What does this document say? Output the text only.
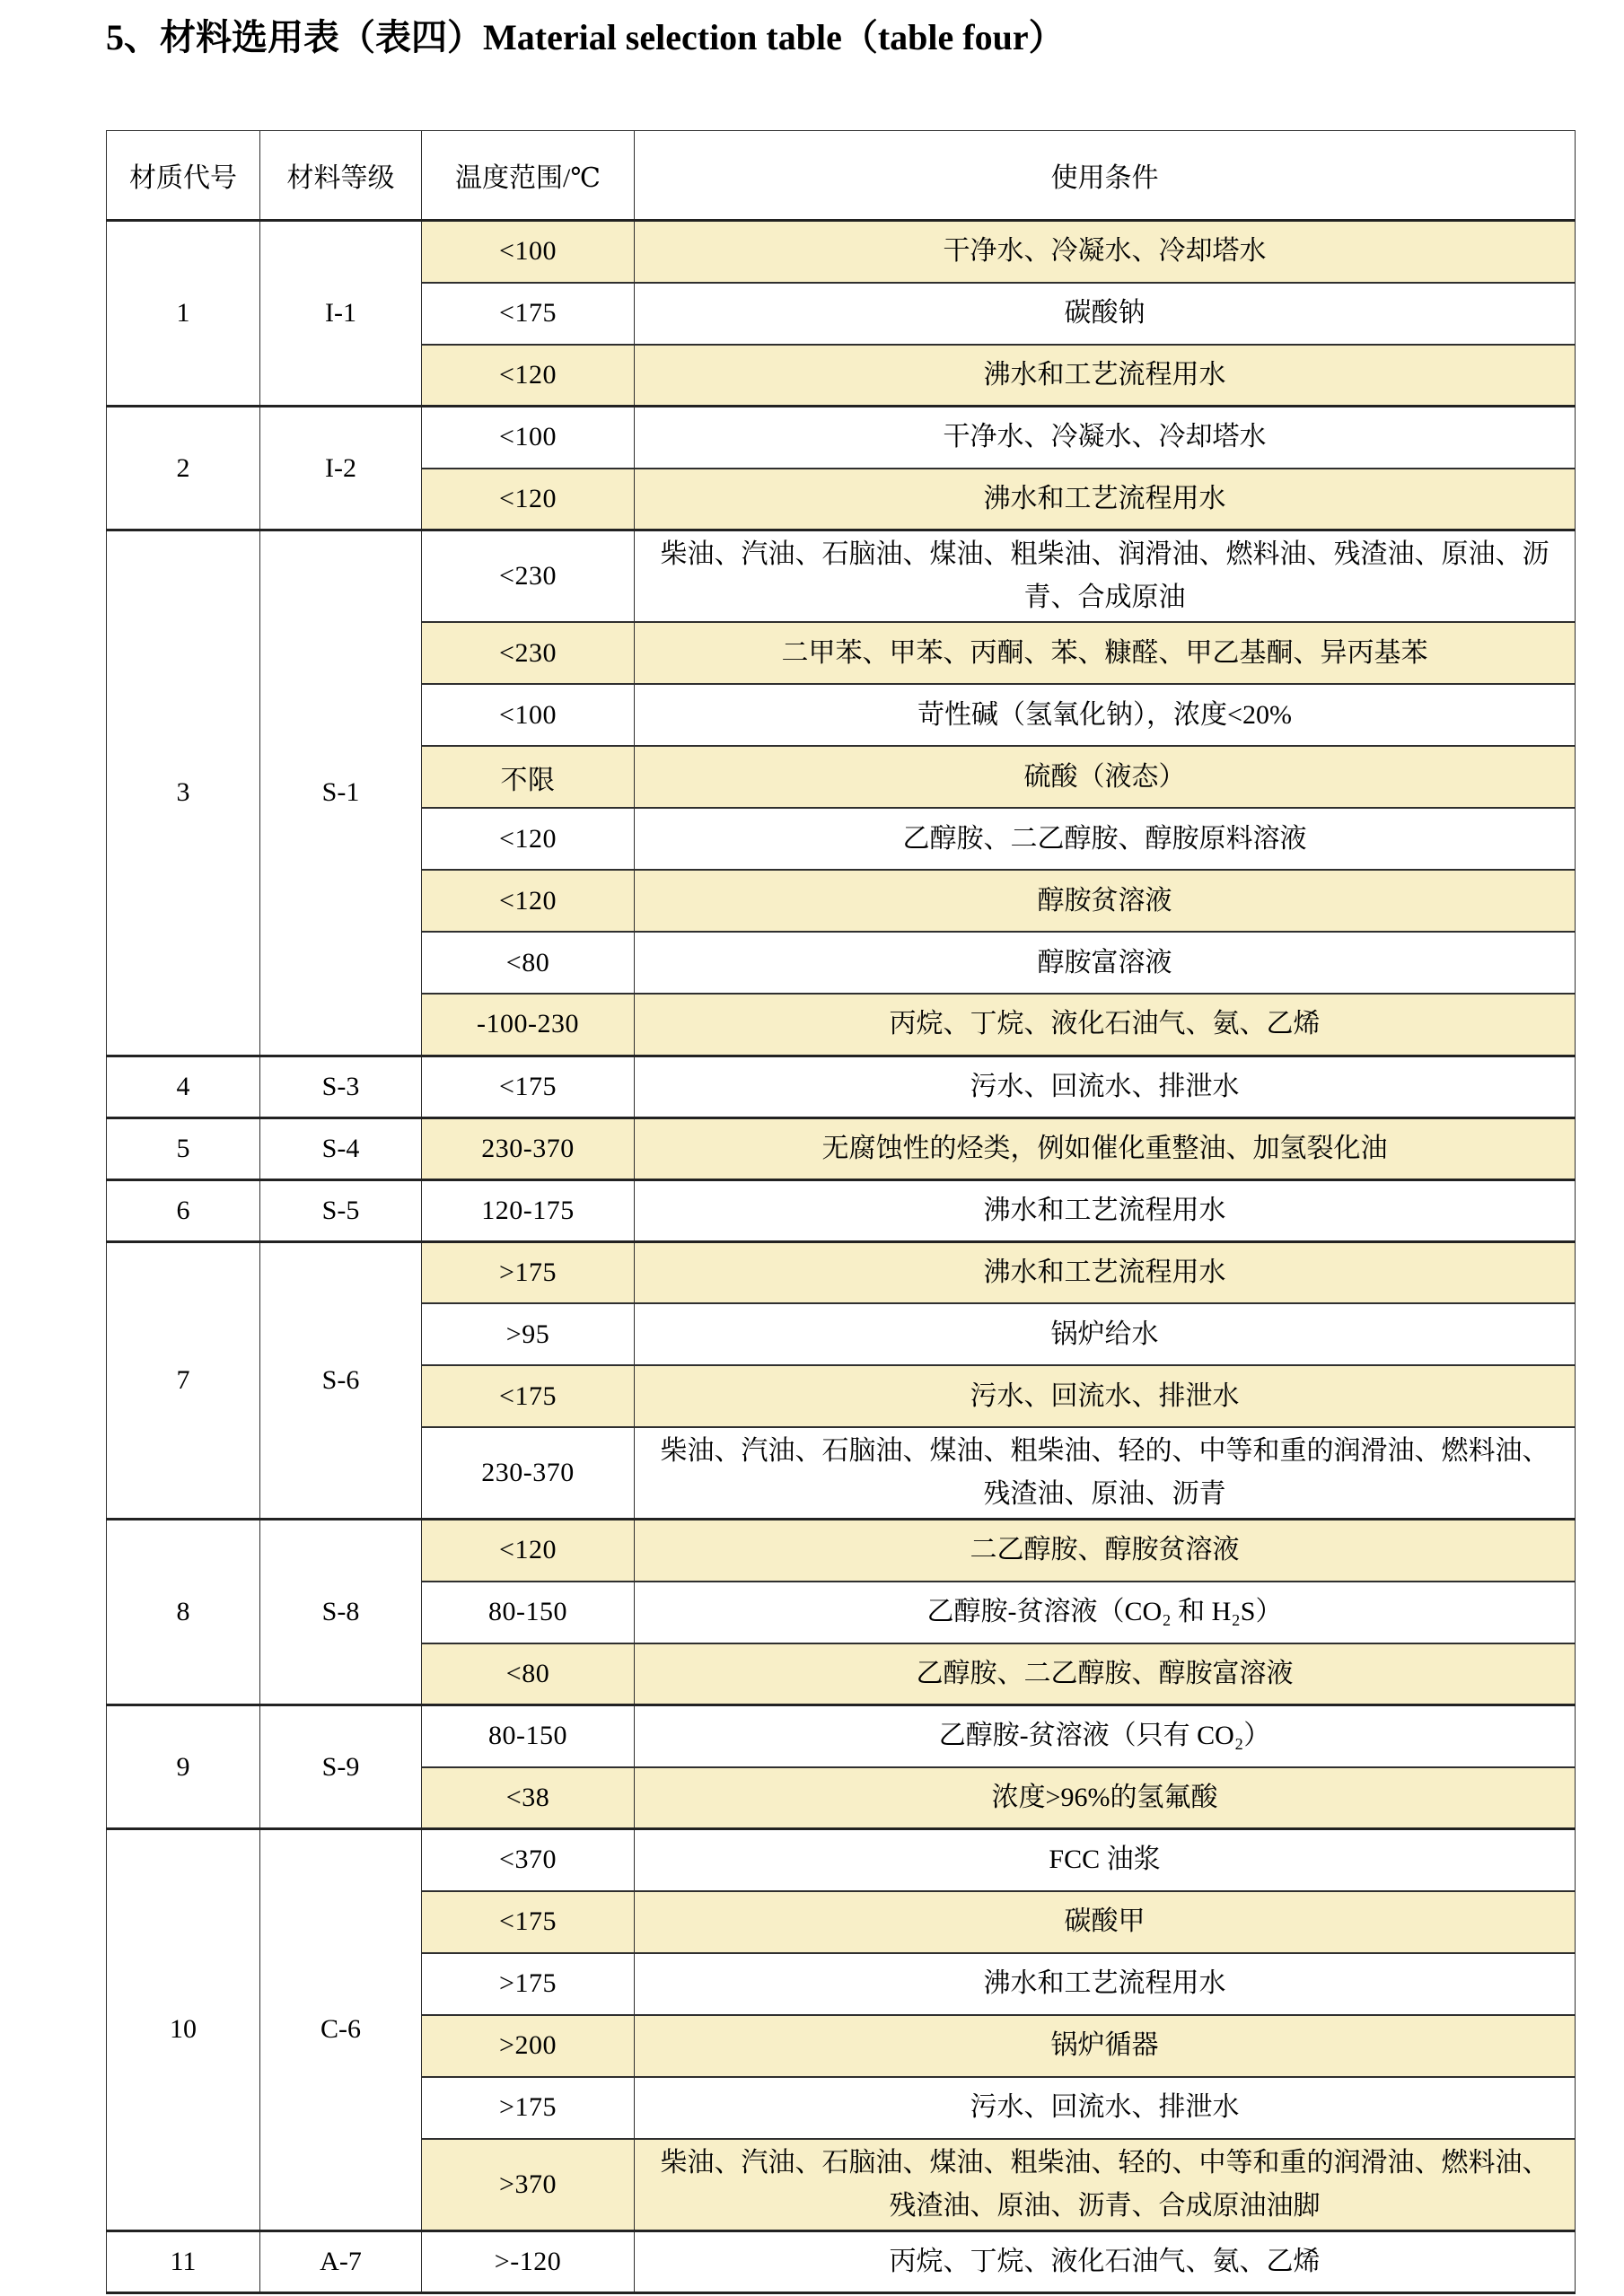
5、材料选用表（表四）Material selection table（table four）
材质代号	材料等级	温度范围/℃	使用条件
1	I-1	<100	干净水、冷凝水、冷却塔水
		<175	碳酸钠
		<120	沸水和工艺流程用水
2	I-2	<100	干净水、冷凝水、冷却塔水
		<120	沸水和工艺流程用水
3	S-1	<230	柴油、汽油、石脑油、煤油、粗柴油、润滑油、燃料油、残渣油、原油、沥青、合成原油
		<230	二甲苯、甲苯、丙酮、苯、糠醛、甲乙基酮、异丙基苯
		<100	苛性碱（氢氧化钠），浓度<20%
		不限	硫酸（液态）
		<120	乙醇胺、二乙醇胺、醇胺原料溶液
		<120	醇胺贫溶液
		<80	醇胺富溶液
		-100-230	丙烷、丁烷、液化石油气、氨、乙烯
4	S-3	<175	污水、回流水、排泄水
5	S-4	230-370	无腐蚀性的烃类，例如催化重整油、加氢裂化油
6	S-5	120-175	沸水和工艺流程用水
7	S-6	>175	沸水和工艺流程用水
		>95	锅炉给水
		<175	污水、回流水、排泄水
		230-370	柴油、汽油、石脑油、煤油、粗柴油、轻的、中等和重的润滑油、燃料油、残渣油、原油、沥青
8	S-8	<120	二乙醇胺、醇胺贫溶液
		80-150	乙醇胺-贫溶液（CO₂ 和 H₂S）
		<80	乙醇胺、二乙醇胺、醇胺富溶液
9	S-9	80-150	乙醇胺-贫溶液（只有 CO₂）
		<38	浓度>96%的氢氟酸
10	C-6	<370	FCC 油浆
		<175	碳酸甲
		>175	沸水和工艺流程用水
		>200	锅炉循器
		>175	污水、回流水、排泄水
		>370	柴油、汽油、石脑油、煤油、粗柴油、轻的、中等和重的润滑油、燃料油、残渣油、原油、沥青、合成原油油脚
11	A-7	>-120	丙烷、丁烷、液化石油气、氨、乙烯
